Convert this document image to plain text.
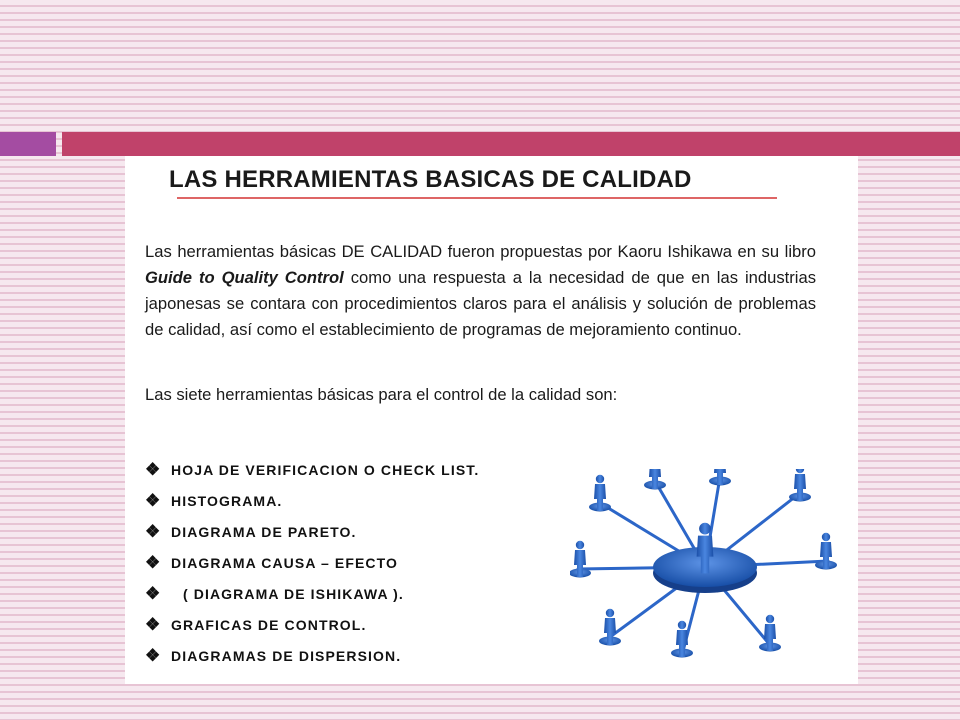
LAS HERRAMIENTAS BASICAS DE CALIDAD

Las herramientas básicas DE CALIDAD fueron propuestas por Kaoru Ishikawa en su libro Guide to Quality Control como una respuesta a la necesidad de que en las industrias japonesas se contara con procedimientos claros para el análisis y solución de problemas de calidad, así como el establecimiento de programas de mejoramiento continuo.

Las siete herramientas básicas para el control de la calidad son:

❖ HOJA DE VERIFICACION O CHECK LIST.
❖ HISTOGRAMA.
❖ DIAGRAMA DE PARETO.
❖ DIAGRAMA CAUSA – EFECTO
❖	( DIAGRAMA DE ISHIKAWA ).
❖ GRAFICAS DE CONTROL.
❖ DIAGRAMAS DE DISPERSION.
